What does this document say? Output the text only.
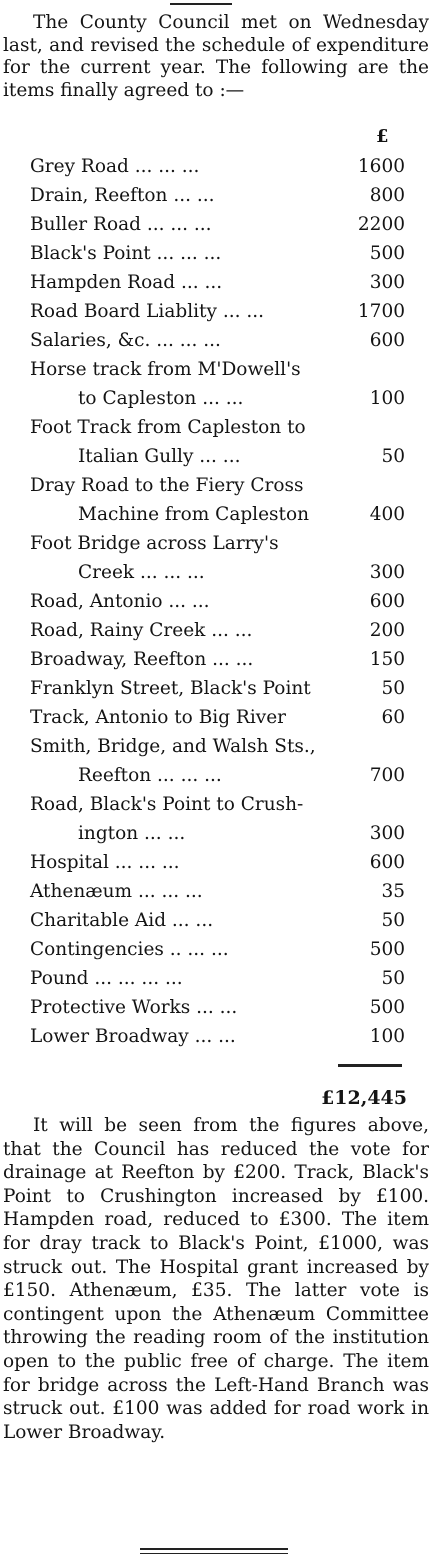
The County Council met on Wednesday last, and revised the schedule of expenditure for the current year. The following are the items finally agreed to :—

£
Grey Road ... ... ...	1600
Drain, Reefton ... ...	800
Buller Road ... ... ...	2200
Black's Point ... ... ...	500
Hampden Road ... ...	300
Road Board Liablity ... ...	1700
Salaries, &c. ... ... ...	600
Horse track from M'Dowell's
to Capleston ... ...	100
Foot Track from Capleston to
Italian Gully ... ...	50
Dray Road to the Fiery Cross
Machine from Capleston	400
Foot Bridge across Larry's
Creek ... ... ...	300
Road, Antonio ... ...	600
Road, Rainy Creek ... ...	200
Broadway, Reefton ... ...	150
Franklyn Street, Black's Point	50
Track, Antonio to Big River	60
Smith, Bridge, and Walsh Sts.,
Reefton ... ... ...	700
Road, Black's Point to Crush-
ington ... ...	300
Hospital ... ... ...	600
Athenæum ... ... ...	35
Charitable Aid ... ...	50
Contingencies .. ... ...	500
Pound ... ... ... ...	50
Protective Works ... ...	500
Lower Broadway ... ...	100
£12,445

It will be seen from the figures above, that the Council has reduced the vote for drainage at Reefton by £200. Track, Black's Point to Crushington increased by £100. Hampden road, reduced to £300. The item for dray track to Black's Point, £1000, was struck out. The Hospital grant increased by £150. Athenæum, £35. The latter vote is contingent upon the Athenæum Committee throwing the reading room of the institution open to the public free of charge. The item for bridge across the Left-Hand Branch was struck out. £100 was added for road work in Lower Broadway.
